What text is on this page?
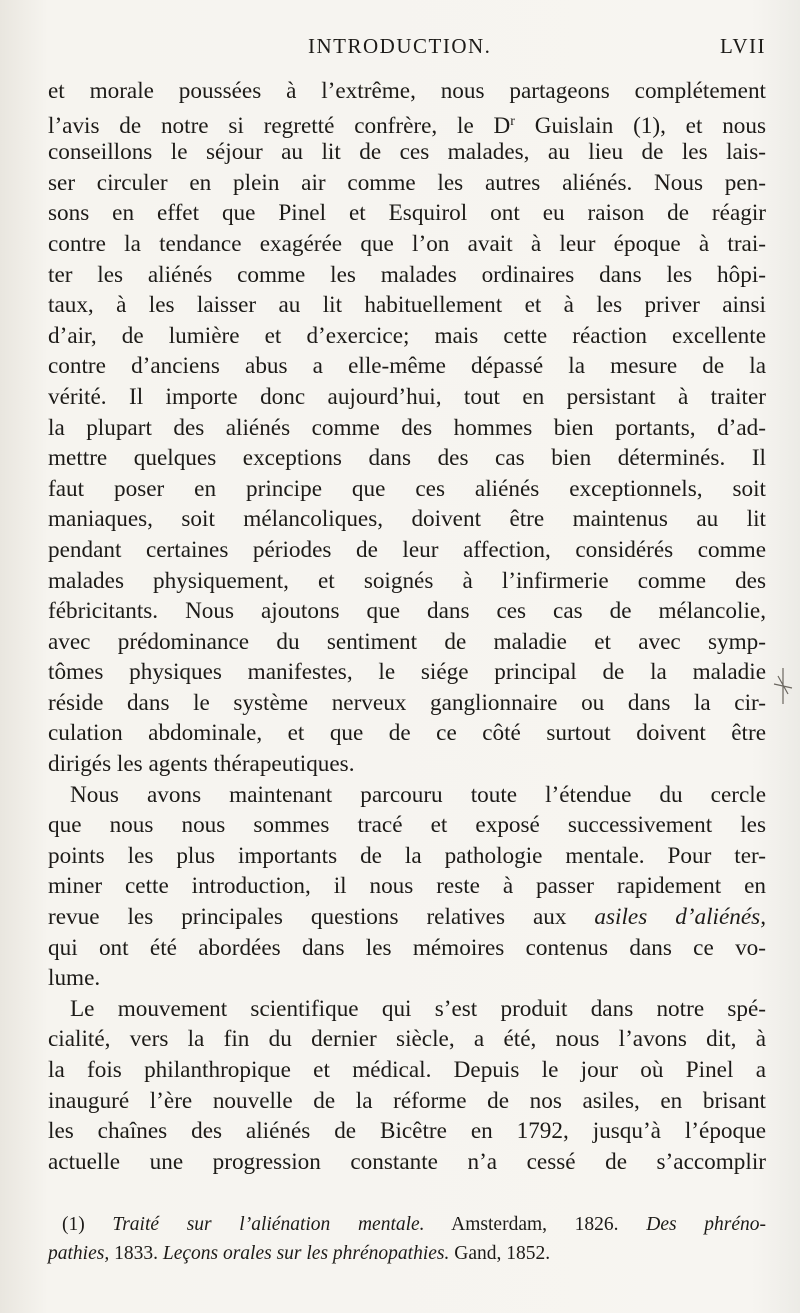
INTRODUCTION.	LVII
et morale poussées à l’extrême, nous partageons complétement
l’avis de notre si regretté confrère, le $D^r$ Guislain (1), et nous
conseillons le séjour au lit de ces malades, au lieu de les lais-
ser circuler en plein air comme les autres aliénés. Nous pen-
sons en effet que Pinel et Esquirol ont eu raison de réagir
contre la tendance exagérée que l’on avait à leur époque à trai-
ter les aliénés comme les malades ordinaires dans les hôpi-
taux, à les laisser au lit habituellement et à les priver ainsi
d’air, de lumière et d’exercice; mais cette réaction excellente
contre d’anciens abus a elle-même dépassé la mesure de la
vérité. Il importe donc aujourd’hui, tout en persistant à traiter
la plupart des aliénés comme des hommes bien portants, d’ad-
mettre quelques exceptions dans des cas bien déterminés. Il
faut poser en principe que ces aliénés exceptionnels, soit
maniaques, soit mélancoliques, doivent être maintenus au lit
pendant certaines périodes de leur affection, considérés comme
malades physiquement, et soignés à l’infirmerie comme des
fébricitants. Nous ajoutons que dans ces cas de mélancolie,
avec prédominance du sentiment de maladie et avec symp-
tômes physiques manifestes, le siége principal de la maladie
réside dans le système nerveux ganglionnaire ou dans la cir-
culation abdominale, et que de ce côté surtout doivent être
dirigés les agents thérapeutiques.
Nous avons maintenant parcouru toute l’étendue du cercle
que nous nous sommes tracé et exposé successivement les
points les plus importants de la pathologie mentale. Pour ter-
miner cette introduction, il nous reste à passer rapidement en
revue les principales questions relatives aux asiles d’aliénés,
qui ont été abordées dans les mémoires contenus dans ce vo-
lume.
Le mouvement scientifique qui s’est produit dans notre spé-
cialité, vers la fin du dernier siècle, a été, nous l’avons dit, à
la fois philanthropique et médical. Depuis le jour où Pinel a
inauguré l’ère nouvelle de la réforme de nos asiles, en brisant
les chaînes des aliénés de Bicêtre en 1792, jusqu’à l’époque
actuelle une progression constante n’a cessé de s’accomplir
(1) Traité sur l’aliénation mentale. Amsterdam, 1826. Des phréno-
pathies, 1833. Leçons orales sur les phrénopathies. Gand, 1852.
